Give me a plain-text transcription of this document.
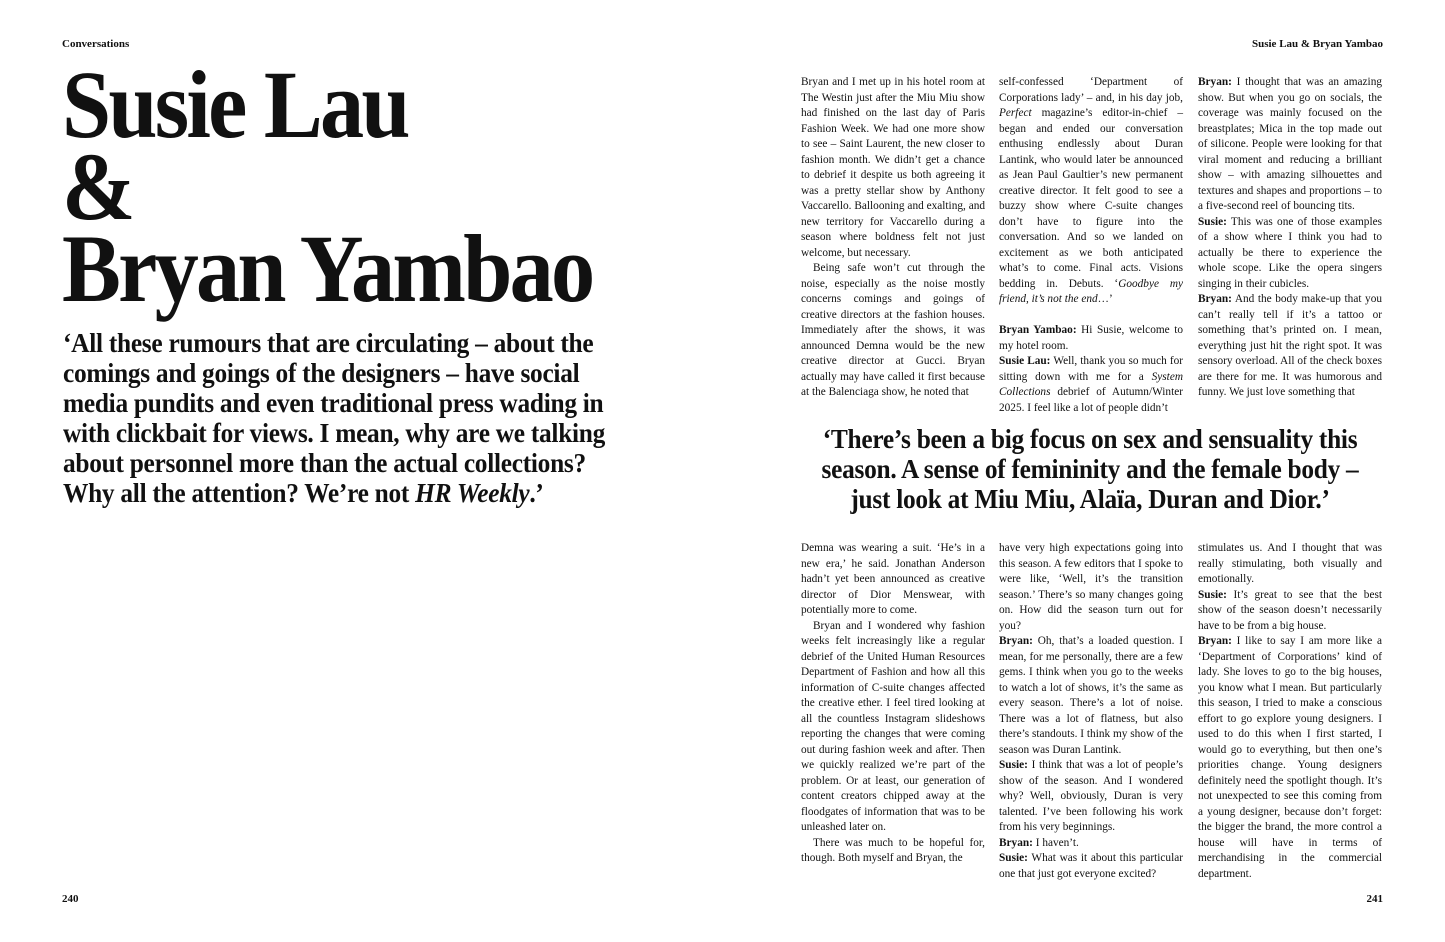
Conversations	Susie Lau & Bryan Yambao
Susie Lau
&
Bryan Yambao
‘All these rumours that are circulating – about the comings and goings of the designers – have social media pundits and even traditional press wading in with clickbait for views. I mean, why are we talking about personnel more than the actual collections? Why all the attention? We’re not HR Weekly.’

Bryan and I met up in his hotel room at The Westin just after the Miu Miu show had finished on the last day of Paris Fashion Week. We had one more show to see – Saint Laurent, the new closer to fashion month. We didn’t get a chance to debrief it despite us both agreeing it was a pretty stellar show by Anthony Vaccarello. Ballooning and exalting, and new territory for Vaccarello during a season where boldness felt not just welcome, but necessary.

Being safe won’t cut through the noise, especially as the noise mostly concerns comings and goings of creative directors at the fashion houses. Immediately after the shows, it was announced Demna would be the new creative director at Gucci. Bryan actually may have called it first because at the Balenciaga show, he noted that

self-confessed ‘Department of Corporations lady’ – and, in his day job, Perfect magazine’s editor-in-chief – began and ended our conversation enthusing endlessly about Duran Lantink, who would later be announced as Jean Paul Gaultier’s new permanent creative director. It felt good to see a buzzy show where C-suite changes don’t have to figure into the conversation. And so we landed on excitement as we both anticipated what’s to come. Final acts. Visions bedding in. Debuts. ‘Goodbye my friend, it’s not the end…’

Bryan Yambao: Hi Susie, welcome to my hotel room.

Susie Lau: Well, thank you so much for sitting down with me for a System Collections debrief of Autumn/Winter 2025. I feel like a lot of people didn’t

Bryan: I thought that was an amazing show. But when you go on socials, the coverage was mainly focused on the breastplates; Mica in the top made out of silicone. People were looking for that viral moment and reducing a brilliant show – with amazing silhouettes and textures and shapes and proportions – to a five-second reel of bouncing tits.

Susie: This was one of those examples of a show where I think you had to actually be there to experience the whole scope. Like the opera singers singing in their cubicles.

Bryan: And the body make-up that you can’t really tell if it’s a tattoo or something that’s printed on. I mean, everything just hit the right spot. It was sensory overload. All of the check boxes are there for me. It was humorous and funny. We just love something that

‘There’s been a big focus on sex and sensuality this season. A sense of femininity and the female body – just look at Miu Miu, Alaïa, Duran and Dior.’

Demna was wearing a suit. ‘He’s in a new era,’ he said. Jonathan Anderson hadn’t yet been announced as creative director of Dior Menswear, with potentially more to come.

Bryan and I wondered why fashion weeks felt increasingly like a regular debrief of the United Human Resources Department of Fashion and how all this information of C-suite changes affected the creative ether. I feel tired looking at all the countless Instagram slideshows reporting the changes that were coming out during fashion week and after. Then we quickly realized we’re part of the problem. Or at least, our generation of content creators chipped away at the floodgates of information that was to be unleashed later on.

There was much to be hopeful for, though. Both myself and Bryan, the

have very high expectations going into this season. A few editors that I spoke to were like, ‘Well, it’s the transition season.’ There’s so many changes going on. How did the season turn out for you?

Bryan: Oh, that’s a loaded question. I mean, for me personally, there are a few gems. I think when you go to the weeks to watch a lot of shows, it’s the same as every season. There’s a lot of noise. There was a lot of flatness, but also there’s standouts. I think my show of the season was Duran Lantink.

Susie: I think that was a lot of people’s show of the season. And I wondered why? Well, obviously, Duran is very talented. I’ve been following his work from his very beginnings.

Bryan: I haven’t.

Susie: What was it about this particular one that just got everyone excited?

stimulates us. And I thought that was really stimulating, both visually and emotionally.

Susie: It’s great to see that the best show of the season doesn’t necessarily have to be from a big house.

Bryan: I like to say I am more like a ‘Department of Corporations’ kind of lady. She loves to go to the big houses, you know what I mean. But particularly this season, I tried to make a conscious effort to go explore young designers. I used to do this when I first started, I would go to everything, but then one’s priorities change. Young designers definitely need the spotlight though. It’s not unexpected to see this coming from a young designer, because don’t forget: the bigger the brand, the more control a house will have in terms of merchandising in the commercial department.

240	241
